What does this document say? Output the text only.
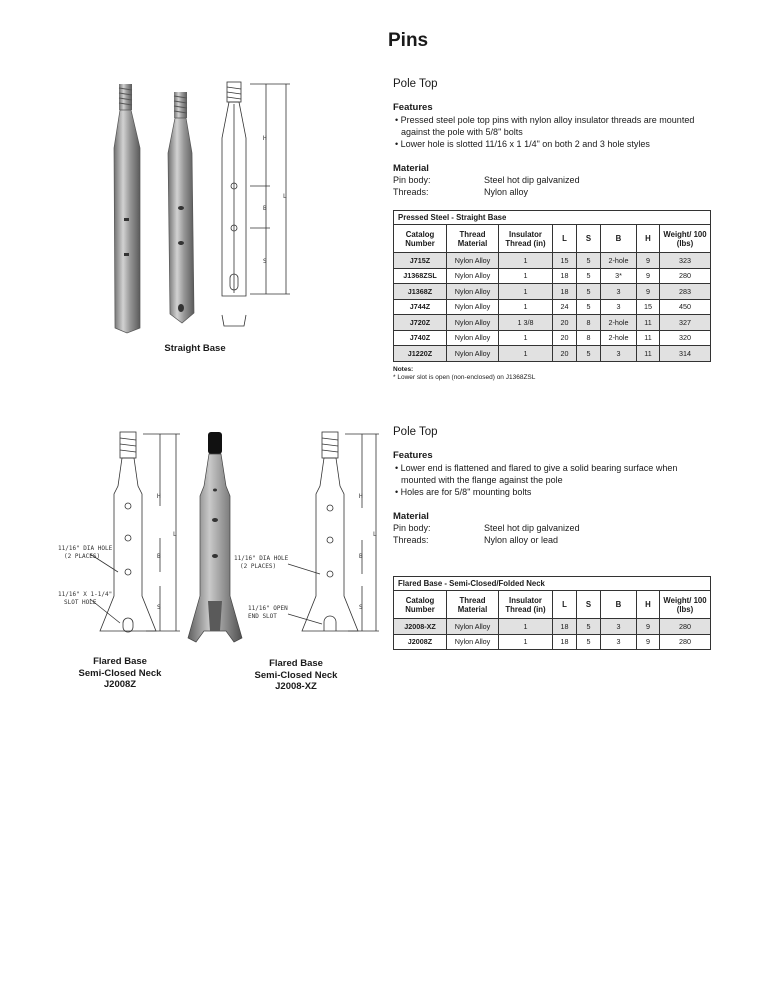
Pins
H
B
S
L
Straight Base
Pole Top
Features
• Pressed steel pole top pins with nylon alloy insulator threads are mounted against the pole with 5/8" bolts
• Lower hole is slotted 11/16 x 1 1/4" on both 2 and 3 hole styles
Material
Pin body:	Steel hot dip galvanized
Threads:	Nylon alloy
Pressed Steel - Straight Base							
Catalog Number	Thread Material	Insulator Thread (in)	L	S	B	H	Weight/ 100 (lbs)
J715Z	Nylon Alloy	1	15	5	2-hole	9	323
J1368ZSL	Nylon Alloy	1	18	5	3*	9	280
J1368Z	Nylon Alloy	1	18	5	3	9	283
J744Z	Nylon Alloy	1	24	5	3	15	450
J720Z	Nylon Alloy	1 3/8	20	8	2-hole	11	327
J740Z	Nylon Alloy	1	20	8	2-hole	11	320
J1220Z	Nylon Alloy	1	20	5	3	11	314
Notes:
* Lower slot is open (non-enclosed) on J1368ZSL
H
B
S
L
11/16" DIA HOLE
(2 PLACES)
11/16" X 1-1/4"
SLOT HOLE
H
B
S
L
11/16" DIA HOLE
(2 PLACES)
11/16" OPEN
END SLOT
Flared Base
Semi-Closed Neck
J2008Z
Flared Base
Semi-Closed Neck
J2008-XZ
Pole Top
Features
• Lower end is flattened and flared to give a solid bearing surface when mounted with the flange against the pole
• Holes are for 5/8" mounting bolts
Material
Pin body:	Steel hot dip galvanized
Threads:	Nylon alloy or lead
Flared Base - Semi-Closed/Folded Neck							
Catalog Number	Thread Material	Insulator Thread (in)	L	S	B	H	Weight/ 100 (lbs)
J2008-XZ	Nylon Alloy	1	18	5	3	9	280
J2008Z	Nylon Alloy	1	18	5	3	9	280
